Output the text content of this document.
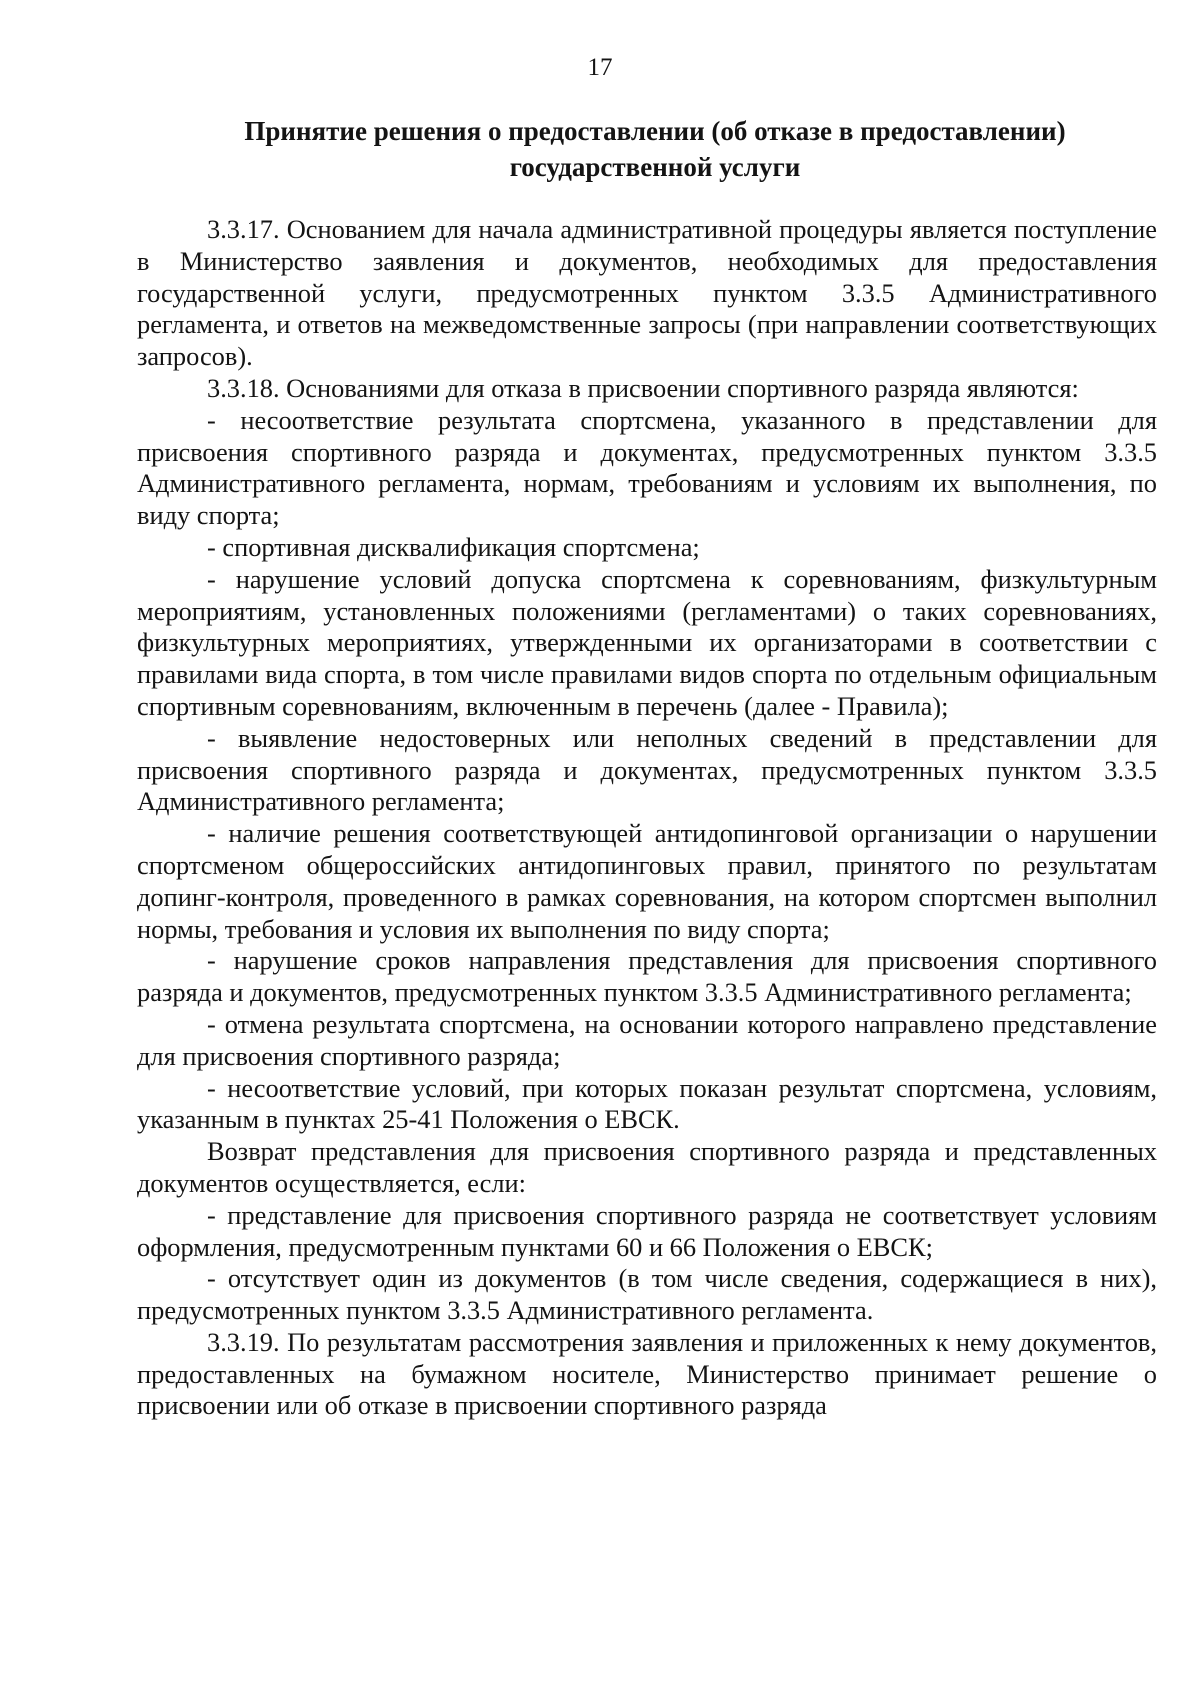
17
Принятие решения о предоставлении (об отказе в предоставлении)
государственной услуги

3.3.17. Основанием для начала административной процедуры является поступление в Министерство заявления и документов, необходимых для предоставления государственной услуги, предусмотренных пунктом 3.3.5 Административного регламента, и ответов на межведомственные запросы (при направлении соответствующих запросов).

3.3.18. Основаниями для отказа в присвоении спортивного разряда являются:

- несоответствие результата спортсмена, указанного в представлении для присвоения спортивного разряда и документах, предусмотренных пунктом 3.3.5 Административного регламента, нормам, требованиям и условиям их выполнения, по виду спорта;

- спортивная дисквалификация спортсмена;

- нарушение условий допуска спортсмена к соревнованиям, физкультурным мероприятиям, установленных положениями (регламентами) о таких соревнованиях, физкультурных мероприятиях, утвержденными их организаторами в соответствии с правилами вида спорта, в том числе правилами видов спорта по отдельным официальным спортивным соревнованиям, включенным в перечень (далее - Правила);

- выявление недостоверных или неполных сведений в представлении для присвоения спортивного разряда и документах, предусмотренных пунктом 3.3.5 Административного регламента;

- наличие решения соответствующей антидопинговой организации о нарушении спортсменом общероссийских антидопинговых правил, принятого по результатам допинг-контроля, проведенного в рамках соревнования, на котором спортсмен выполнил нормы, требования и условия их выполнения по виду спорта;

- нарушение сроков направления представления для присвоения спортивного разряда и документов, предусмотренных пунктом 3.3.5 Административного регламента;

- отмена результата спортсмена, на основании которого направлено представление для присвоения спортивного разряда;

- несоответствие условий, при которых показан результат спортсмена, условиям, указанным в пунктах 25-41 Положения о ЕВСК.

Возврат представления для присвоения спортивного разряда и представленных документов осуществляется, если:

- представление для присвоения спортивного разряда не соответствует условиям оформления, предусмотренным пунктами 60 и 66 Положения о ЕВСК;

- отсутствует один из документов (в том числе сведения, содержащиеся в них), предусмотренных пунктом 3.3.5 Административного регламента.

3.3.19. По результатам рассмотрения заявления и приложенных к нему документов, предоставленных на бумажном носителе, Министерство принимает решение о присвоении или об отказе в присвоении спортивного разряда
